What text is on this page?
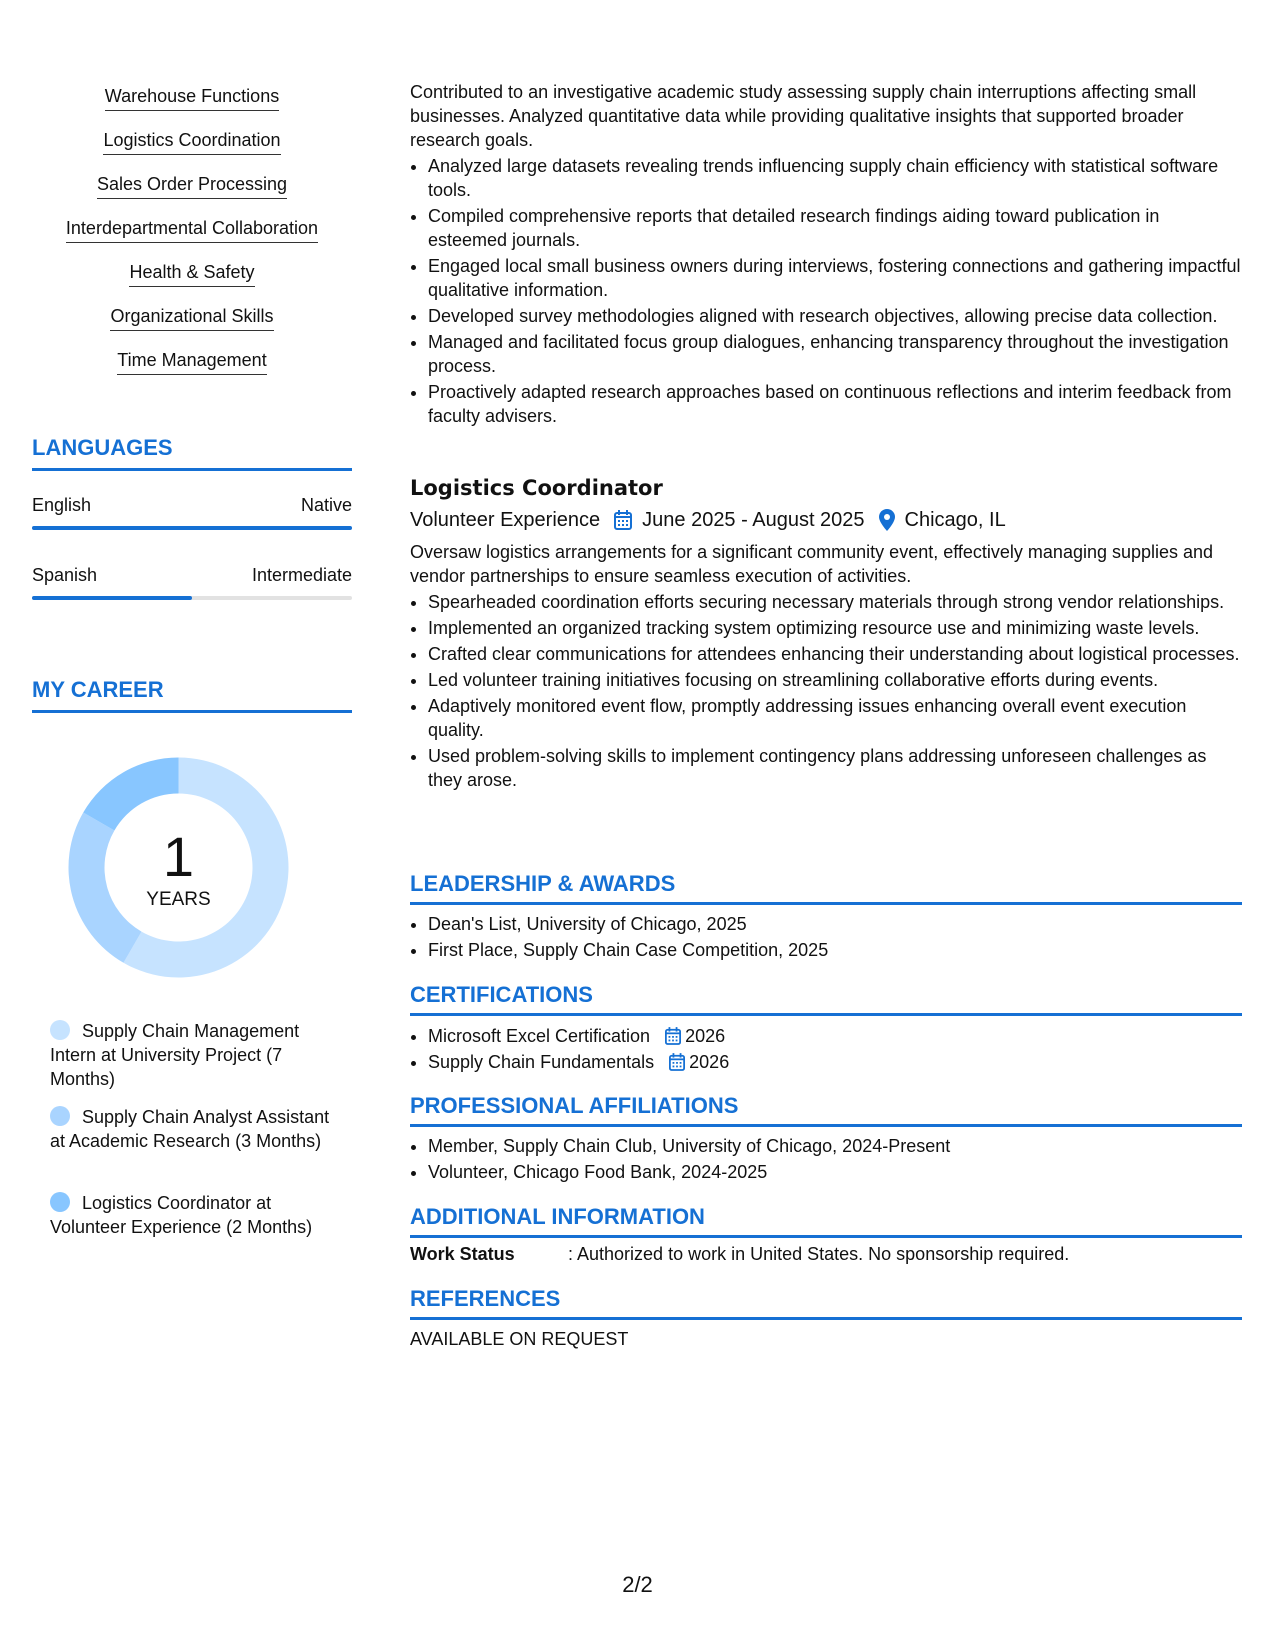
Warehouse Functions
Logistics Coordination
Sales Order Processing
Interdepartmental Collaboration
Health & Safety
Organizational Skills
Time Management
LANGUAGES
English	Native
Spanish	Intermediate
MY CAREER
1
YEARS
Supply Chain Management Intern at University Project (7 Months)
Supply Chain Analyst Assistant at Academic Research (3 Months)
Logistics Coordinator at Volunteer Experience (2 Months)

Contributed to an investigative academic study assessing supply chain interruptions affecting small businesses. Analyzed quantitative data while providing qualitative insights that supported broader research goals.

• Analyzed large datasets revealing trends influencing supply chain efficiency with statistical software tools.
• Compiled comprehensive reports that detailed research findings aiding toward publication in esteemed journals.
• Engaged local small business owners during interviews, fostering connections and gathering impactful qualitative information.
• Developed survey methodologies aligned with research objectives, allowing precise data collection.
• Managed and facilitated focus group dialogues, enhancing transparency throughout the investigation process.
• Proactively adapted research approaches based on continuous reflections and interim feedback from faculty advisers.
Logistics Coordinator
Volunteer Experience June 2025 - August 2025 Chicago, IL

Oversaw logistics arrangements for a significant community event, effectively managing supplies and vendor partnerships to ensure seamless execution of activities.

• Spearheaded coordination efforts securing necessary materials through strong vendor relationships.
• Implemented an organized tracking system optimizing resource use and minimizing waste levels.
• Crafted clear communications for attendees enhancing their understanding about logistical processes.
• Led volunteer training initiatives focusing on streamlining collaborative efforts during events.
• Adaptively monitored event flow, promptly addressing issues enhancing overall event execution quality.
• Used problem-solving skills to implement contingency plans addressing unforeseen challenges as they arose.
LEADERSHIP & AWARDS
• Dean's List, University of Chicago, 2025
• First Place, Supply Chain Case Competition, 2025
CERTIFICATIONS
• Microsoft Excel Certification 2026
• Supply Chain Fundamentals 2026
PROFESSIONAL AFFILIATIONS
• Member, Supply Chain Club, University of Chicago, 2024-Present
• Volunteer, Chicago Food Bank, 2024-2025
ADDITIONAL INFORMATION
Work Status	: Authorized to work in United States. No sponsorship required.
REFERENCES
AVAILABLE ON REQUEST
2/2
